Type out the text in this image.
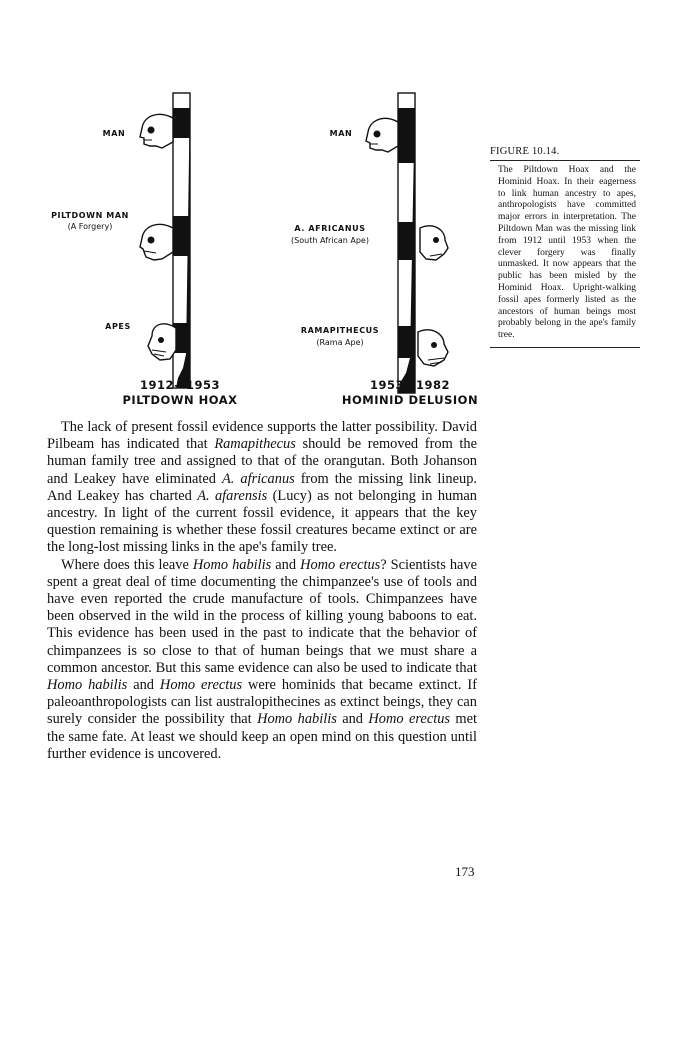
MAN
PILTDOWN MAN
(A Forgery)
APES
1912—1953
PILTDOWN HOAX
MAN
A. AFRICANUS
(South African Ape)
RAMAPITHECUS
(Rama Ape)
1953—1982
HOMINID DELUSION
FIGURE 10.14.
The Piltdown Hoax and the Hominid Hoax. In their eagerness to link human ancestry to apes, anthropologists have committed major errors in interpretation. The Piltdown Man was the missing link from 1912 until 1953 when the clever forgery was finally unmasked. It now appears that the public has been misled by the Hominid Hoax. Upright-walking fossil apes formerly listed as the ancestors of human beings most probably belong in the ape's family tree.

The lack of present fossil evidence supports the latter possibility. David Pilbeam has indicated that Ramapithecus should be removed from the human family tree and assigned to that of the orangutan. Both Johanson and Leakey have eliminated A. africanus from the missing link lineup. And Leakey has charted A. afarensis (Lucy) as not belonging in human ancestry. In light of the current fossil evidence, it appears that the key question remaining is whether these fossil creatures became extinct or are the long-lost missing links in the ape's family tree.

Where does this leave Homo habilis and Homo erectus? Scientists have spent a great deal of time documenting the chimpanzee's use of tools and have even reported the crude manufacture of tools. Chimpanzees have been observed in the wild in the process of killing young baboons to eat. This evidence has been used in the past to indicate that the behavior of chimpanzees is so close to that of human beings that we must share a common ancestor. But this same evidence can also be used to indicate that Homo habilis and Homo erectus were hominids that became extinct. If paleoanthropologists can list australopithecines as extinct beings, they can surely consider the possibility that Homo habilis and Homo erectus met the same fate. At least we should keep an open mind on this question until further evidence is uncovered.

173
